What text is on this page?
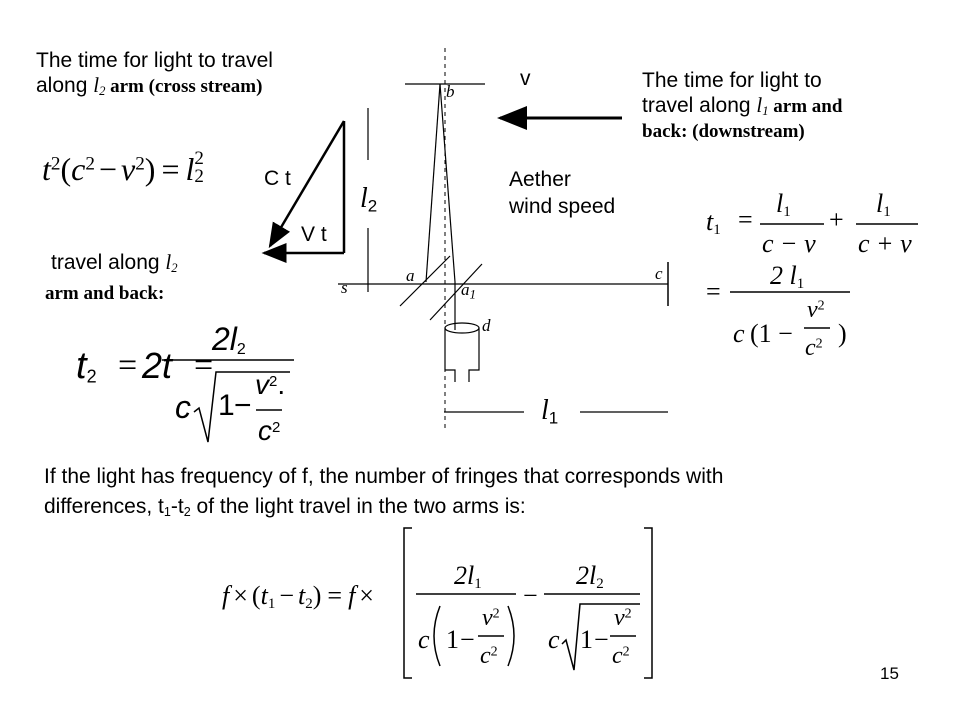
The time for light to travel
along $l_2$ arm (cross stream)
$t^2(c^2 - v^2) = l$ 2
2	C t
V t
travel along $l_2$
arm and back:
$t_2 = 2t$ =
$2l_2$
c 1 −
$v^2$.
$c^2$
The time for light to
travel along $l_1$ arm and
back: (downstream)
v
Aether
wind speed
$l_2$
$l_1$
b
a
$a_1$
c
s
d
$t_1$ =
$l_1$
c − v
+
$l_1$
c + v
=
2 $l_1$
c (1 −
$v^2$
$c^2$ )
If the light has frequency of f, the number of fringes that corresponds with
differences, $t_1-t_2$ of the light travel in the two arms is:
$f \times (t_1 - t_2) = f$ ×
$2l_1$
c 1 −
$v^2$
$c^2$
−
$2l_2$
c 1 −
$v^2$
$c^2$
15
